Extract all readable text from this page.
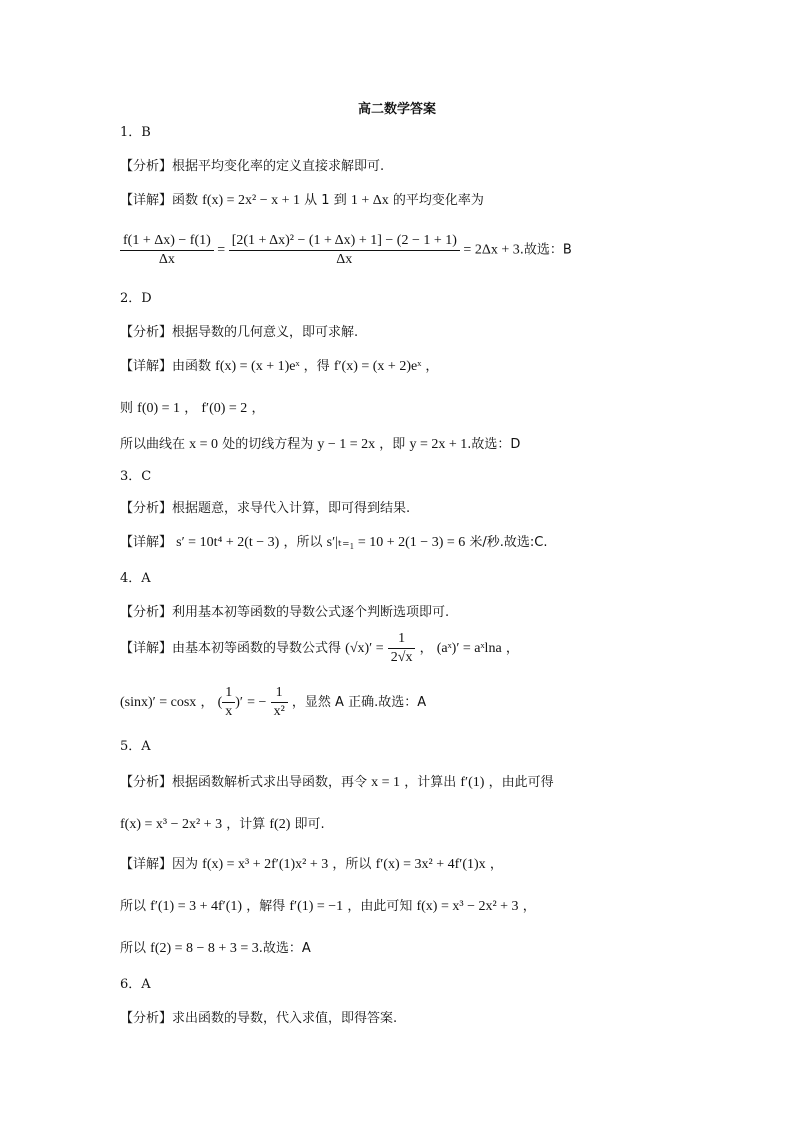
高二数学答案
1．B
【分析】根据平均变化率的定义直接求解即可.
【详解】函数 f(x) = 2x² − x + 1 从 1 到 1 + Δx 的平均变化率为
$\frac{f(1 + \Delta x) - f(1)}{\Delta x} = \frac{\text{[2(1 + Δx)² − (1 + Δx) + 1] − (2 − 1 + 1)}}{\Delta x} = 2\Delta x + 3$.故选：B
2．D
【分析】根据导数的几何意义，即可求解.
【详解】由函数 f(x) = (x + 1)eˣ ，得 f′(x) = (x + 2)eˣ ，
则 f(0) = 1 ， f′(0) = 2 ，
所以曲线在 x = 0 处的切线方程为 y − 1 = 2x ，即 y = 2x + 1.故选：D
3．C
【分析】根据题意，求导代入计算，即可得到结果.
【详解】 s′ = 10t⁴ + 2(t − 3) ，所以 s′|ₜ₌₁ = 10 + 2(1 − 3) = 6 米/秒.故选:C.
4．A
【分析】利用基本初等函数的导数公式逐个判断选项即可.
【详解】由基本初等函数的导数公式得 $(√x)' = \frac{1}{2√x}$ ， (aˣ)′ = aˣlna ，
(sinx)′ = cosx ， ( $\frac{1}{x}$ )′ = − $\frac{1}{\text{x²}}$ ，显然 A 正确.故选：A
5．A
【分析】根据函数解析式求出导函数，再令 x = 1 ，计算出 f′(1) ，由此可得
f(x) = x³ − 2x² + 3 ，计算 f(2) 即可.
【详解】因为 f(x) = x³ + 2f′(1)x² + 3 ，所以 f′(x) = 3x² + 4f′(1)x ，
所以 f′(1) = 3 + 4f′(1) ，解得 f′(1) = −1 ，由此可知 f(x) = x³ − 2x² + 3 ，
所以 f(2) = 8 − 8 + 3 = 3.故选：A
6．A
【分析】求出函数的导数，代入求值，即得答案.
